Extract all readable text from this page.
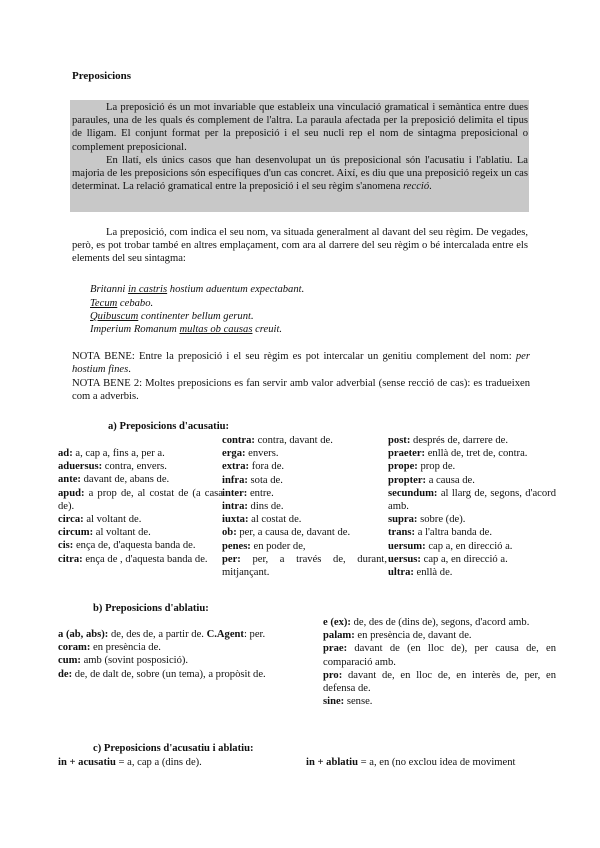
Preposicions
La preposició és un mot invariable que estableix una vinculació gramatical i semàntica entre dues paraules, una de les quals és complement de l'altra. La paraula afectada per la preposició delimita el tipus de lligam. El conjunt format per la preposició i el seu nucli rep el nom de sintagma preposicional o complement preposicional.
En llatí, els únics casos que han desenvolupat un ús preposicional són l'acusatiu i l'ablatiu. La majoria de les preposicions són específiques d'un cas concret. Així, es diu que una preposició regeix un cas determinat. La relació gramatical entre la preposició i el seu règim s'anomena recció.
La preposició, com indica el seu nom, va situada generalment al davant del seu règim. De vegades, però, es pot trobar també en altres emplaçament, com ara al darrere del seu règim o bé intercalada entre els elements del seu sintagma:
Britanni in castris hostium aduentum expectabant.
Tecum cebabo.
Quibuscum continenter bellum gerunt.
Imperium Romanum multas ob causas creuit.
NOTA BENE: Entre la preposició i el seu règim es pot intercalar un genitiu complement del nom: per hostium fines.
NOTA BENE 2: Moltes preposicions es fan servir amb valor adverbial (sense recció de cas): es tradueixen com a adverbis.
a) Preposicions d'acusatiu:
ad: a, cap a, fins a, per a.
aduersus: contra, envers.
ante: davant de, abans de.
apud: a prop de, al costat de (a casa de).
circa: al voltant de.
circum: al voltant de.
cis: ença de, d'aquesta banda de.
citra: ença de , d'aquesta banda de.
contra: contra, davant de.
erga: envers.
extra: fora de.
infra: sota de.
inter: entre.
intra: dins de.
iuxta: al costat de.
ob: per, a causa de, davant de.
penes: en poder de,
per: per, a través de, durant, mitjançant.
post: després de, darrere de.
praeter: enllà de, tret de, contra.
prope: prop de.
propter: a causa de.
secundum: al llarg de, segons, d'acord amb.
supra: sobre (de).
trans: a l'altra banda de.
uersum: cap a, en direcció a.
uersus: cap a, en direcció a.
ultra: enllà de.
b) Preposicions d'ablatiu:
a (ab, abs): de, des de, a partir de. C.Agent: per.
coram: en presència de.
cum: amb (sovint posposició).
de: de, de dalt de, sobre (un tema), a propòsit de.
e (ex): de, des de (dins de), segons, d'acord amb.
palam: en presència de, davant de.
prae: davant de (en lloc de), per causa de, en comparació amb.
pro: davant de, en lloc de, en interès de, per, en defensa de.
sine: sense.
c) Preposicions d'acusatiu i ablatiu:
in + acusatiu = a, cap a (dins de).	in + ablatiu = a, en (no exclou idea de moviment
